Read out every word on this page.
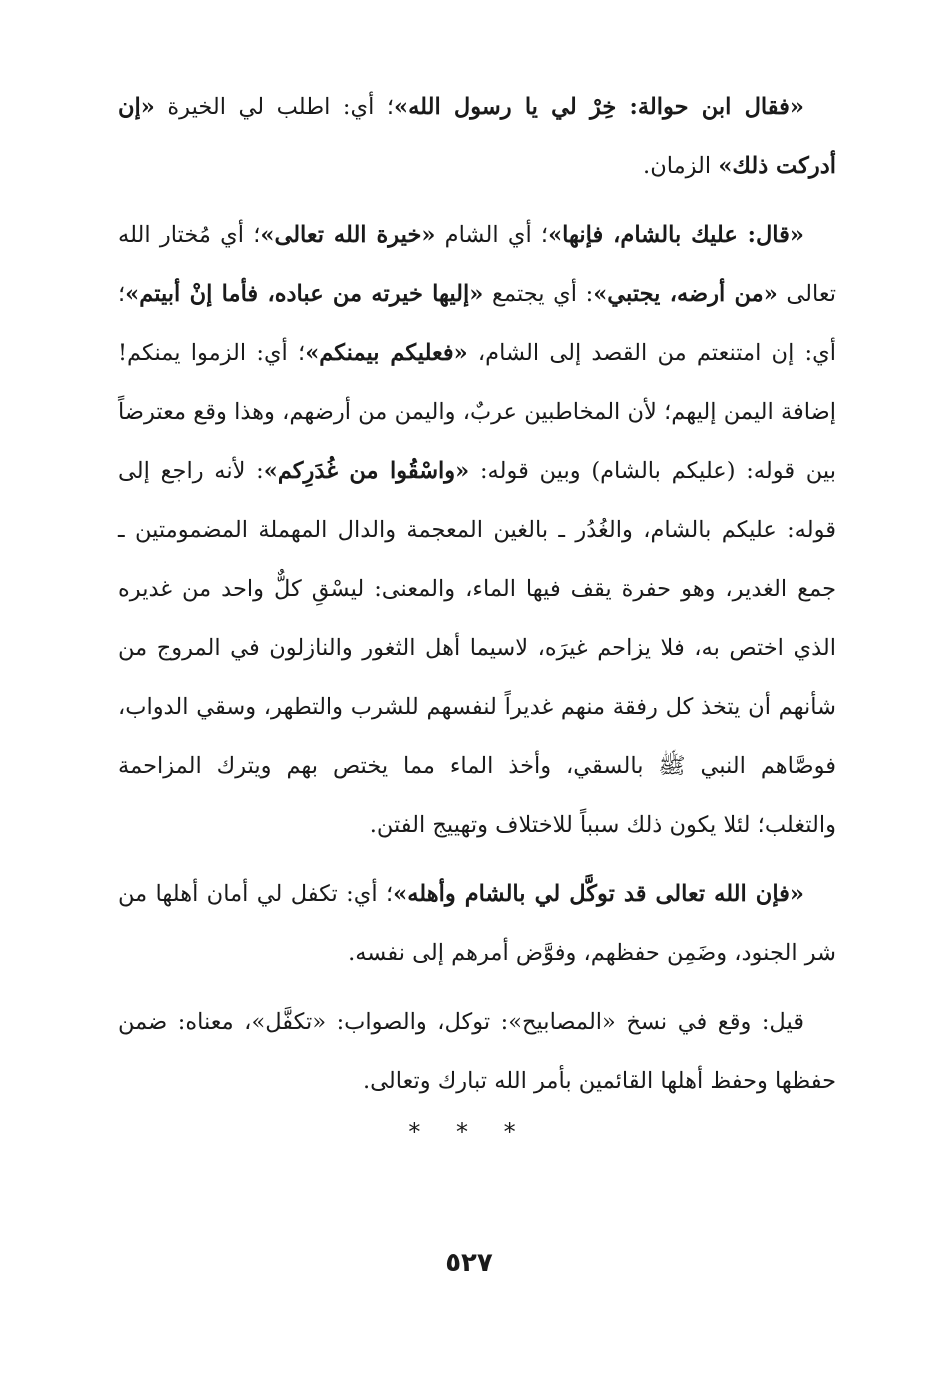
«فقال ابن حوالة: خِرْ لي يا رسول الله»؛ أي: اطلب لي الخيرة «إن أدركت ذلك» الزمان.

«قال: عليك بالشام، فإنها»؛ أي الشام «خيرة الله تعالى»؛ أي مُختار الله تعالى «من أرضه، يجتبي»: أي يجتمع «إليها خيرته من عباده، فأما إنْ أبيتم»؛ أي: إن امتنعتم من القصد إلى الشام، «فعليكم بيمنكم»؛ أي: الزموا يمنكم! إضافة اليمن إليهم؛ لأن المخاطبين عربٌ، واليمن من أرضهم، وهذا وقع معترضاً بين قوله: (عليكم بالشام) وبين قوله: «واسْقُوا من غُدَرِكم»: لأنه راجع إلى قوله: عليكم بالشام، والغُدُر ـ بالغين المعجمة والدال المهملة المضمومتين ـ جمع الغدير، وهو حفرة يقف فيها الماء، والمعنى: ليسْقِ كلٌّ واحد من غديره الذي اختص به، فلا يزاحم غيرَه، لاسيما أهل الثغور والنازلون في المروج من شأنهم أن يتخذ كل رفقة منهم غديراً لنفسهم للشرب والتطهر، وسقي الدواب، فوصَّاهم النبي ﷺ بالسقي، وأخذ الماء مما يختص بهم ويترك المزاحمة والتغلب؛ لئلا يكون ذلك سبباً للاختلاف وتهييج الفتن.

«فإن الله تعالى قد توكَّل لي بالشام وأهله»؛ أي: تكفل لي أمان أهلها من شر الجنود، وضَمِن حفظهم، وفوَّض أمرهم إلى نفسه.

قيل: وقع في نسخ «المصابيح»: توكل، والصواب: «تكفَّل»، معناه: ضمن حفظها وحفظ أهلها القائمين بأمر الله تبارك وتعالى.

* * *
٥٢٧
